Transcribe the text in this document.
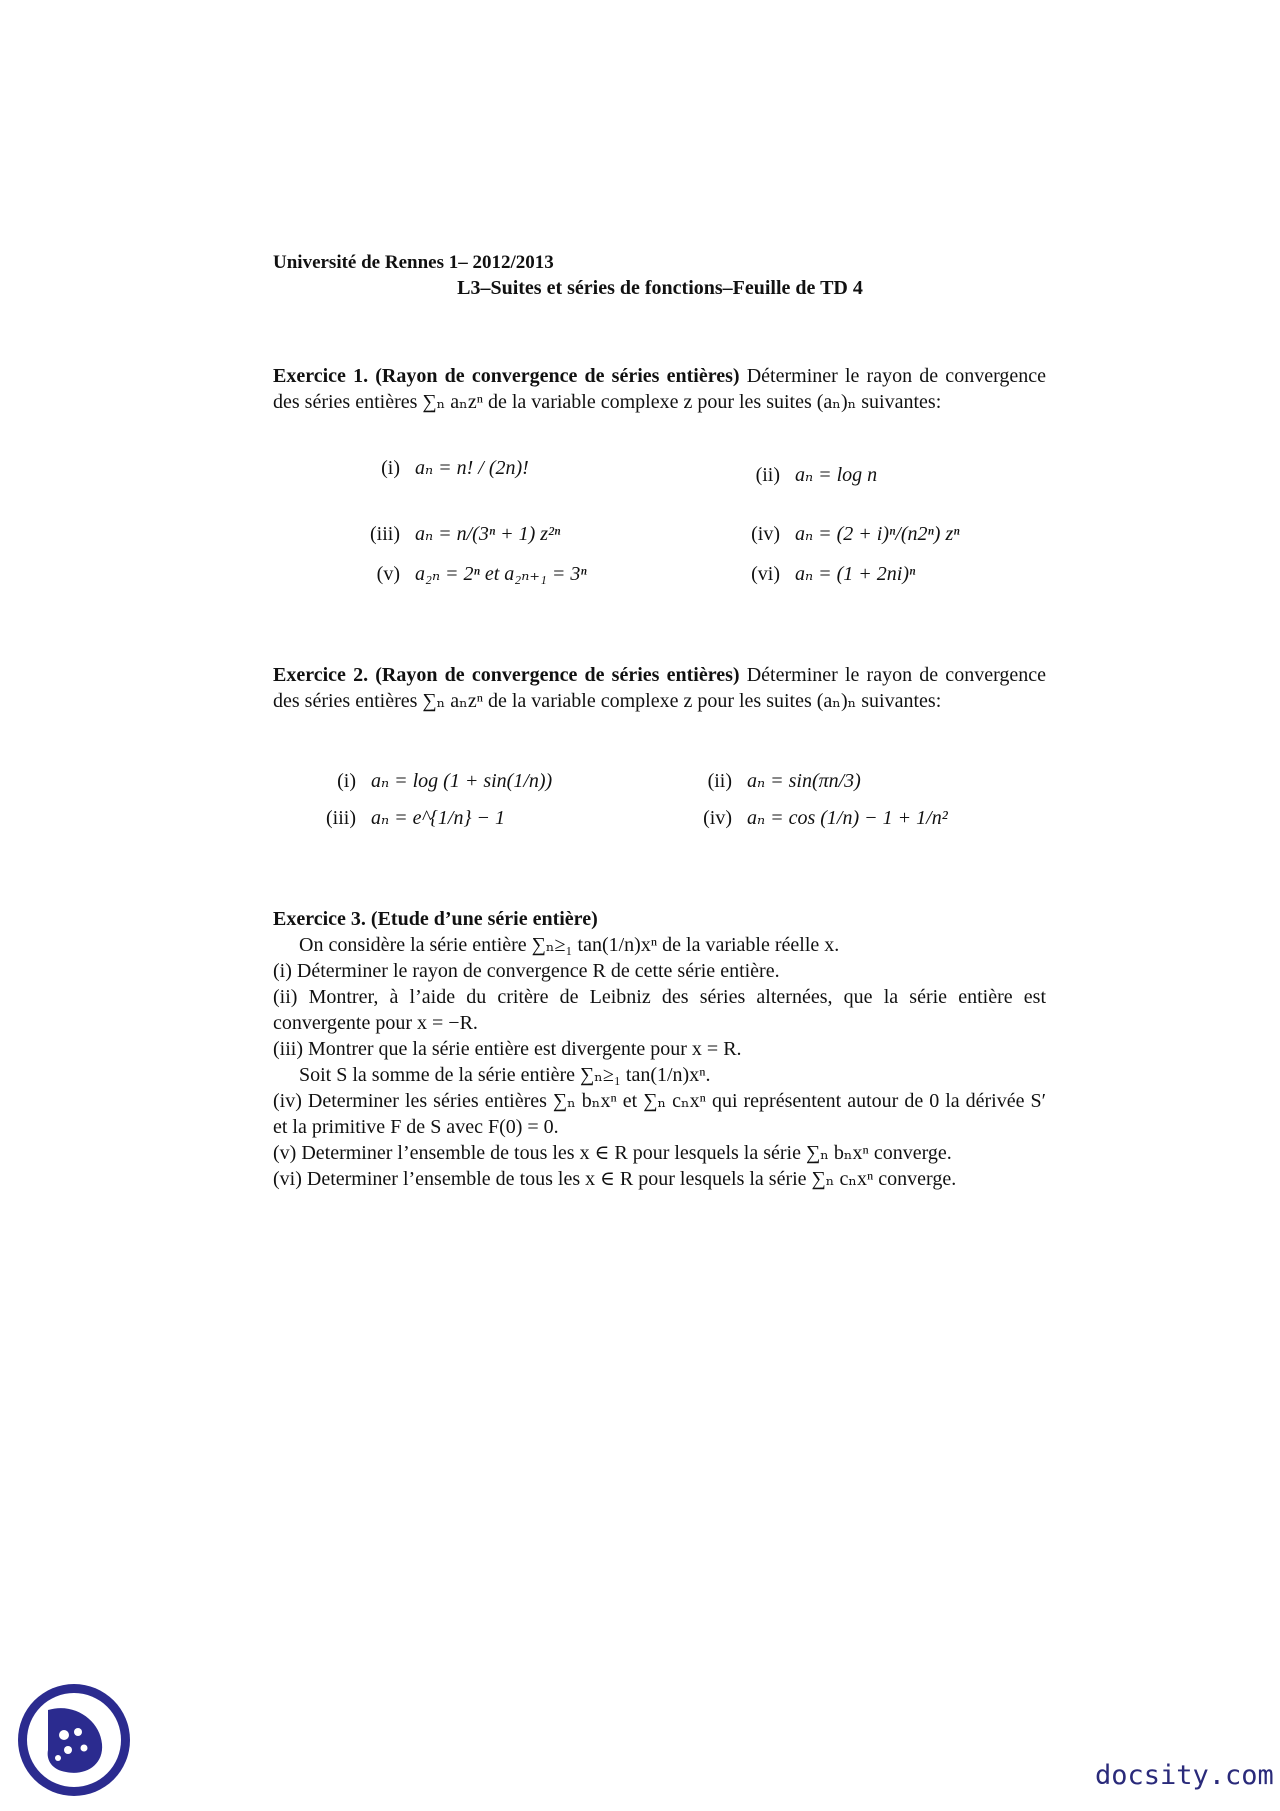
Université de Rennes 1– 2012/2013
L3–Suites et séries de fonctions–Feuille de TD 4
Exercice 1. (Rayon de convergence de séries entières) Déterminer le rayon de convergence des séries entières ∑ₙ aₙzⁿ de la variable complexe z pour les suites (aₙ)ₙ suivantes:
(i) aₙ = n! / (2n)!	(ii) aₙ = log n
(iii) aₙ = n/(3ⁿ + 1) z²ⁿ	(iv) aₙ = (2 + i)ⁿ/(n2ⁿ) zⁿ
(v) a₂ₙ = 2ⁿ et a₂ₙ₊₁ = 3ⁿ	(vi) aₙ = (1 + 2ni)ⁿ
Exercice 2. (Rayon de convergence de séries entières) Déterminer le rayon de convergence des séries entières ∑ₙ aₙzⁿ de la variable complexe z pour les suites (aₙ)ₙ suivantes:
(i) aₙ = log (1 + sin(1/n))	(ii) aₙ = sin(πn/3)
(iii) aₙ = e^{1/n} − 1	(iv) aₙ = cos (1/n) − 1 + 1/n²
Exercice 3. (Etude d’une série entière)
On considère la série entière ∑ₙ≥₁ tan(1/n)xⁿ de la variable réelle x.
(i) Déterminer le rayon de convergence R de cette série entière.
(ii) Montrer, à l’aide du critère de Leibniz des séries alternées, que la série entière est convergente pour x = −R.
(iii) Montrer que la série entière est divergente pour x = R.
Soit S la somme de la série entière ∑ₙ≥₁ tan(1/n)xⁿ.
(iv) Determiner les séries entières ∑ₙ bₙxⁿ et ∑ₙ cₙxⁿ qui représentent autour de 0 la dérivée S′ et la primitive F de S avec F(0) = 0.
(v) Determiner l’ensemble de tous les x ∈ R pour lesquels la série ∑ₙ bₙxⁿ converge.
(vi) Determiner l’ensemble de tous les x ∈ R pour lesquels la série ∑ₙ cₙxⁿ converge.
docsity.com
